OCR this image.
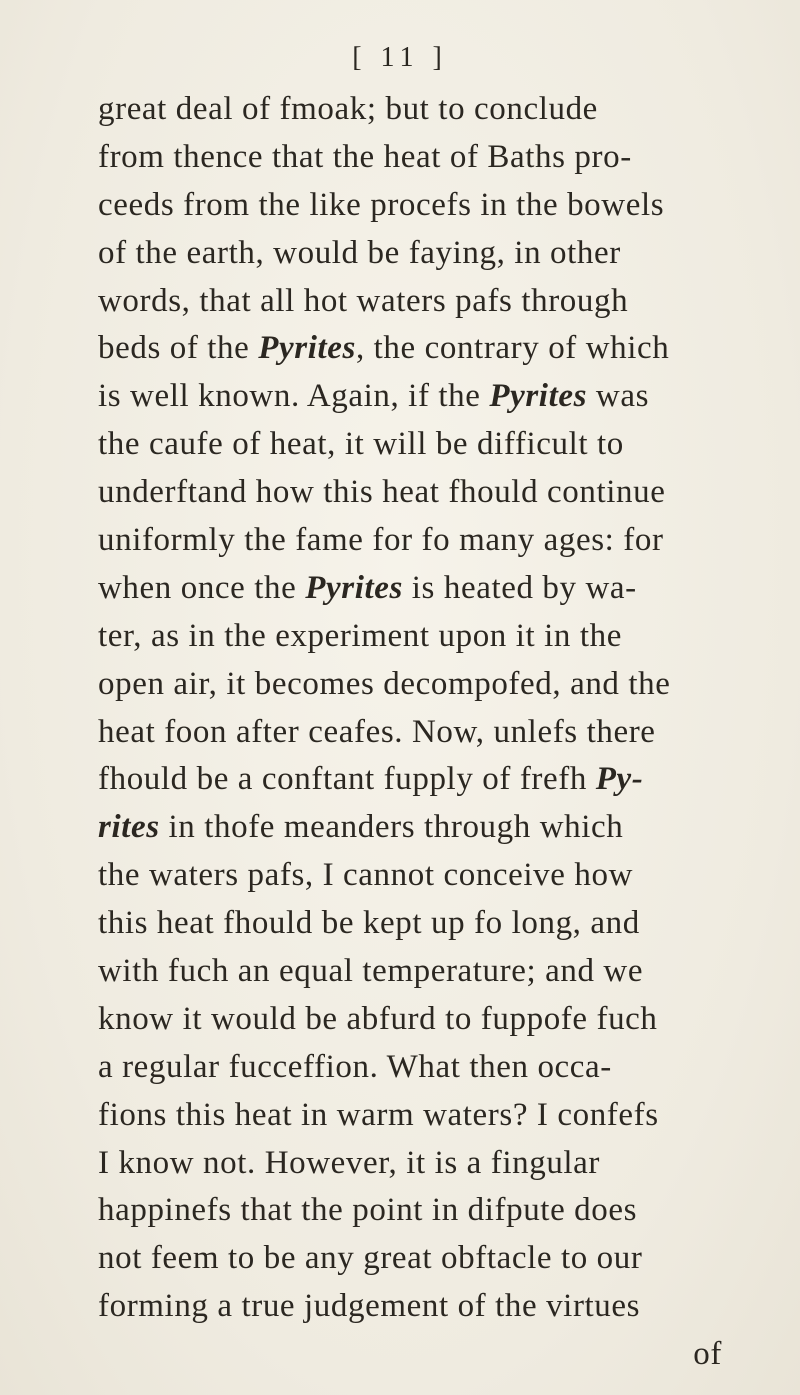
[ 11 ]
great deal of fmoak; but to conclude
from thence that the heat of Baths pro-
ceeds from the like procefs in the bowels
of the earth, would be faying, in other
words, that all hot waters pafs through
beds of the Pyrites, the contrary of which
is well known. Again, if the Pyrites was
the caufe of heat, it will be difficult to
underftand how this heat fhould continue
uniformly the fame for fo many ages: for
when once the Pyrites is heated by wa-
ter, as in the experiment upon it in the
open air, it becomes decompofed, and the
heat foon after ceafes. Now, unlefs there
fhould be a conftant fupply of frefh Py-
rites in thofe meanders through which
the waters pafs, I cannot conceive how
this heat fhould be kept up fo long, and
with fuch an equal temperature; and we
know it would be abfurd to fuppofe fuch
a regular fucceffion. What then occa-
fions this heat in warm waters? I confefs
I know not. However, it is a fingular
happinefs that the point in difpute does
not feem to be any great obftacle to our
forming a true judgement of the virtues
of
